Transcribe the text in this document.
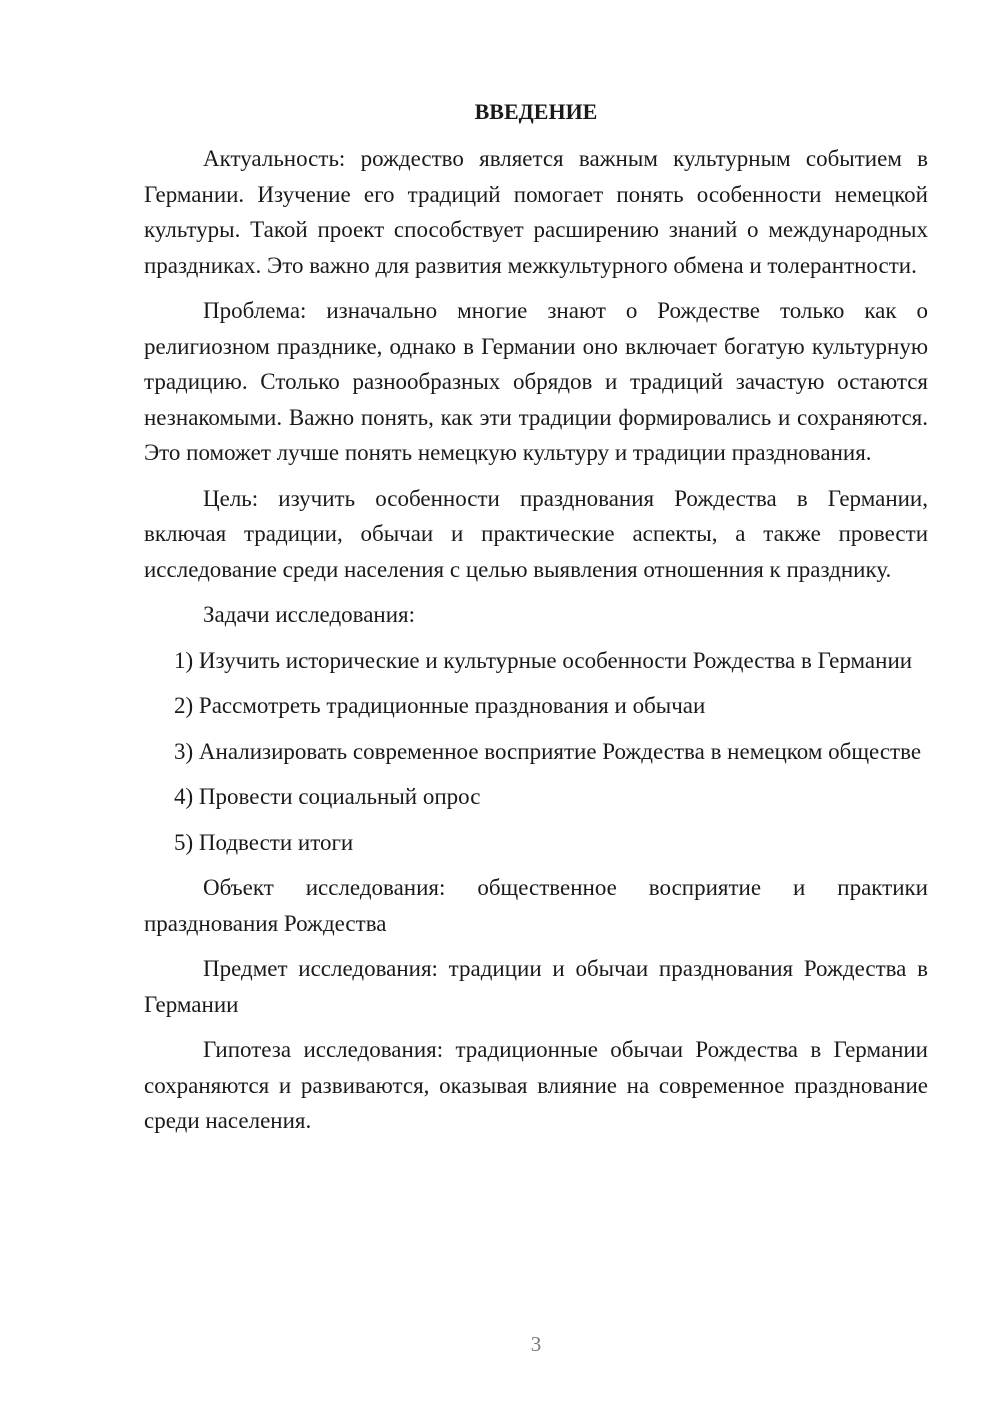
ВВЕДЕНИЕ

Актуальность: рождество является важным культурным событием в Германии. Изучение его традиций помогает понять особенности немецкой культуры. Такой проект способствует расширению знаний о международных праздниках. Это важно для развития межкультурного обмена и толерантности.

Проблема: изначально многие знают о Рождестве только как о религиозном празднике, однако в Германии оно включает богатую культурную традицию. Столько разнообразных обрядов и традиций зачастую остаются незнакомыми. Важно понять, как эти традиции формировались и сохраняются. Это поможет лучше понять немецкую культуру и традиции празднования.

Цель: изучить особенности празднования Рождества в Германии, включая традиции, обычаи и практические аспекты, а также провести исследование среди населения с целью выявления отношенния к празднику.

Задачи исследования:

1) Изучить исторические и культурные особенности Рождества в Германии

2) Рассмотреть традиционные празднования и обычаи

3) Анализировать современное восприятие Рождества в немецком обществе

4) Провести социальный опрос

5) Подвести итоги

Объект исследования: общественное восприятие и практики празднования Рождества

Предмет исследования: традиции и обычаи празднования Рождества в Германии

Гипотеза исследования: традиционные обычаи Рождества в Германии сохраняются и развиваются, оказывая влияние на современное празднование среди населения.

3
